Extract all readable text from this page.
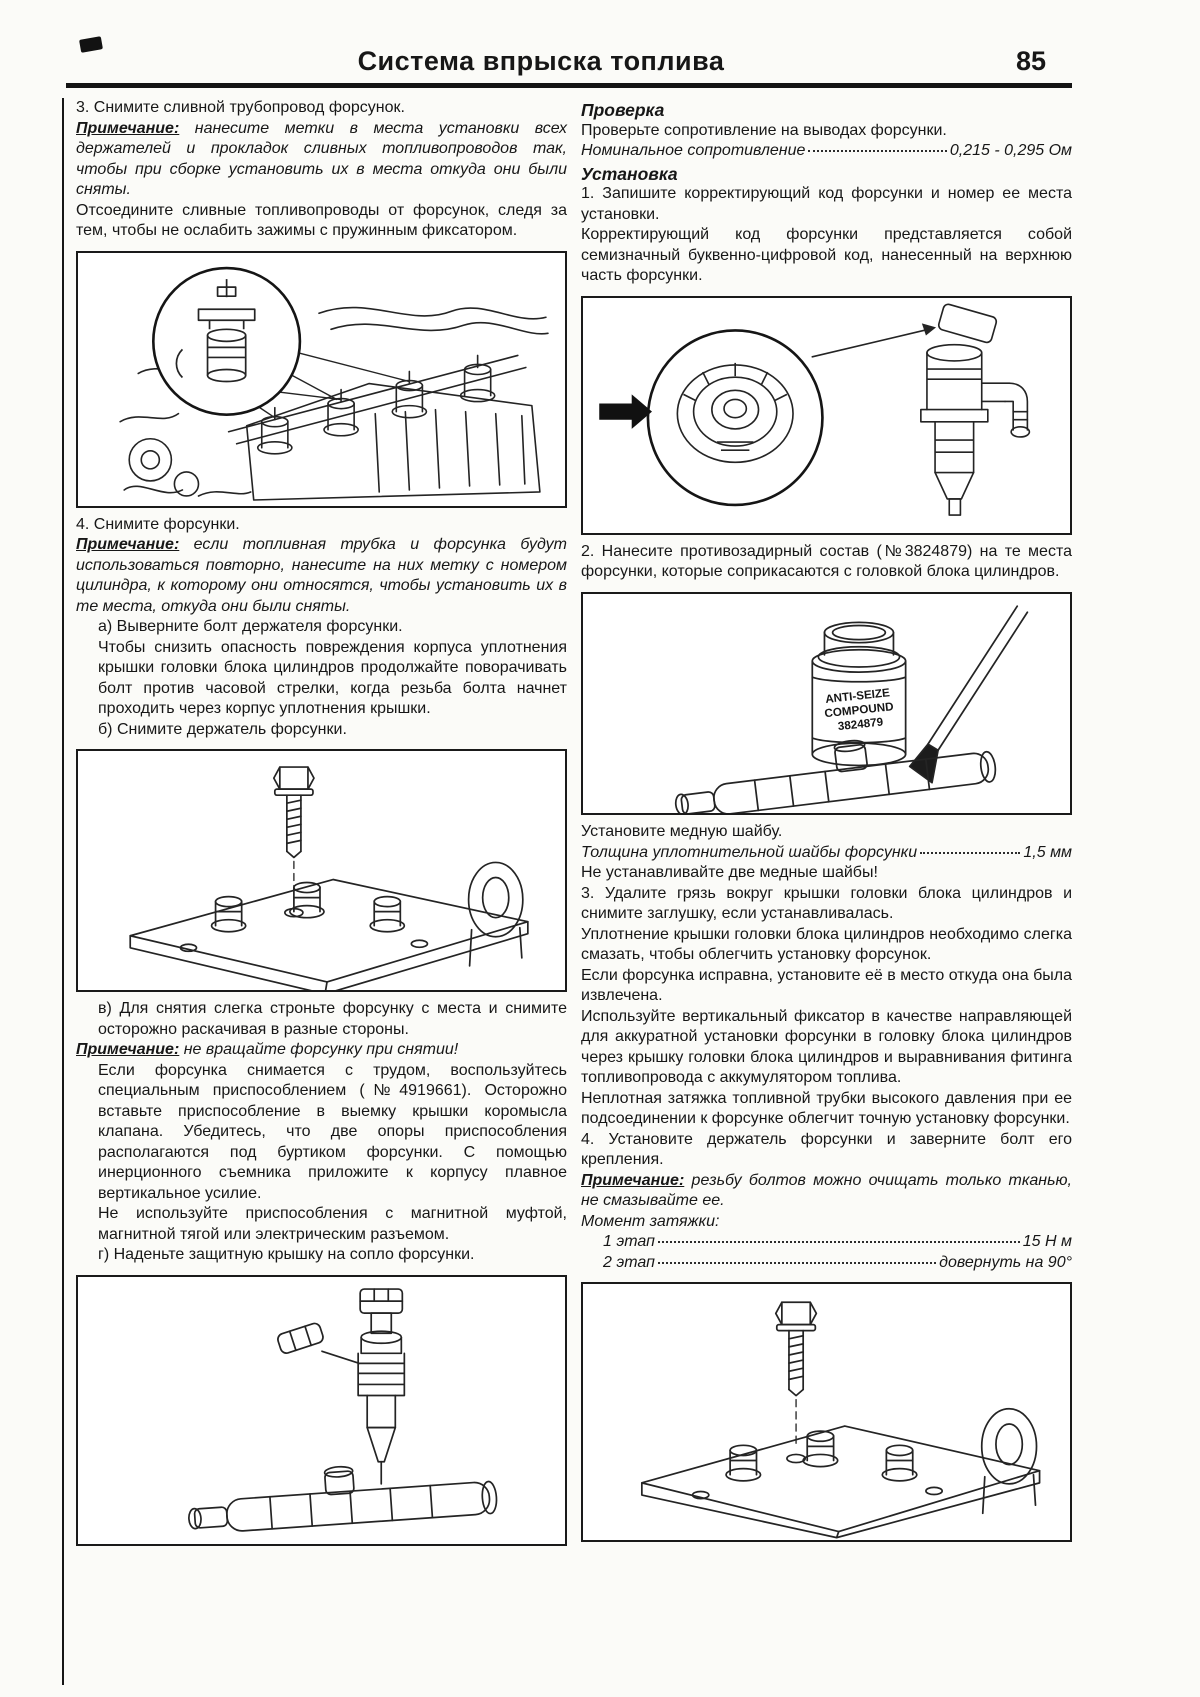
Система впрыска топлива	85

3. Снимите сливной трубопровод форсунок.

Примечание: нанесите метки в места установки всех держателей и прокладок сливных топливопроводов так, чтобы при сборке установить их в места откуда они были сняты.

Отсоедините сливные топливопроводы от форсунок, следя за тем, чтобы не ослабить зажимы с пружинным фиксатором.

4. Снимите форсунки.

Примечание: если топливная трубка и форсунка будут использоваться повторно, нанесите на них метку с номером цилиндра, к которому они относятся, чтобы установить их в те места, откуда они были сняты.

а) Выверните болт держателя форсунки.

Чтобы снизить опасность повреждения корпуса уплотнения крышки головки блока цилиндров продолжайте поворачивать болт против часовой стрелки, когда резьба болта начнет проходить через корпус уплотнения крышки.

б) Снимите держатель форсунки.

в) Для снятия слегка строньте форсунку с места и снимите осторожно раскачивая в разные стороны.

Примечание: не вращайте форсунку при снятии!

Если форсунка снимается с трудом, воспользуйтесь специальным приспособлением (№4919661). Осторожно вставьте приспособление в выемку крышки коромысла клапана. Убедитесь, что две опоры приспособления располагаются под буртиком форсунки. С помощью инерционного съемника приложите к корпусу плавное вертикальное усилие.

Не используйте приспособления с магнитной муфтой, магнитной тягой или электрическим разъемом.

г) Наденьте защитную крышку на сопло форсунки.

Проверка

Проверьте сопротивление на выводах форсунки.

Номинальное сопротивление	0,215 - 0,295 Ом

Установка

1. Запишите корректирующий код форсунки и номер ее места установки.

Корректирующий код форсунки представляется собой семизначный буквенно-цифровой код, нанесенный на верхнюю часть форсунки.

2. Нанесите противозадирный состав (№3824879) на те места форсунки, которые соприкасаются с головкой блока цилиндров.

ANTI-SEIZE
COMPOUND
3824879

Установите медную шайбу.

Толщина уплотнительной шайбы форсунки	1,5 мм

Не устанавливайте две медные шайбы!

3. Удалите грязь вокруг крышки головки блока цилиндров и снимите заглушку, если устанавливалась.

Уплотнение крышки головки блока цилиндров необходимо слегка смазать, чтобы облегчить установку форсунок.

Если форсунка исправна, установите её в место откуда она была извлечена.

Используйте вертикальный фиксатор в качестве направляющей для аккуратной установки форсунки в головку блока цилиндров через крышку головки блока цилиндров и выравнивания фитинга топливопровода с аккумулятором топлива.

Неплотная затяжка топливной трубки высокого давления при ее подсоединении к форсунке облегчит точную установку форсунки.

4. Установите держатель форсунки и заверните болт его крепления.

Примечание: резьбу болтов можно очищать только тканью, не смазывайте ее.

Момент затяжки:

1 этап	15 Н м
2 этап	довернуть на 90°
